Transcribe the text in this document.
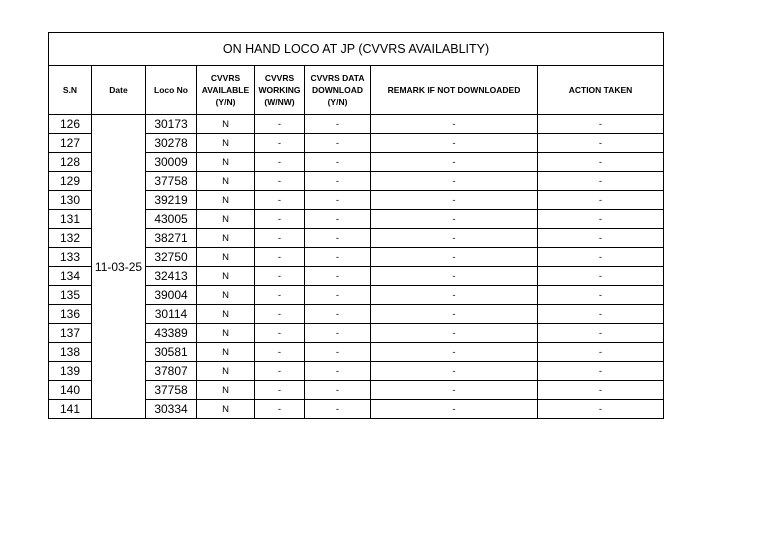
ON HAND LOCO AT JP (CVVRS AVAILABLITY)							
S.N	Date	Loco No	CVVRS AVAILABLE (Y/N)	CVVRS WORKING (W/NW)	CVVRS DATA DOWNLOAD (Y/N)	REMARK IF NOT DOWNLOADED	ACTION TAKEN
126	11-03-25	30173	N	-	-	-	-
127		30278	N	-	-	-	-
128		30009	N	-	-	-	-
129		37758	N	-	-	-	-
130		39219	N	-	-	-	-
131		43005	N	-	-	-	-
132		38271	N	-	-	-	-
133		32750	N	-	-	-	-
134		32413	N	-	-	-	-
135		39004	N	-	-	-	-
136		30114	N	-	-	-	-
137		43389	N	-	-	-	-
138		30581	N	-	-	-	-
139		37807	N	-	-	-	-
140		37758	N	-	-	-	-
141		30334	N	-	-	-	-
